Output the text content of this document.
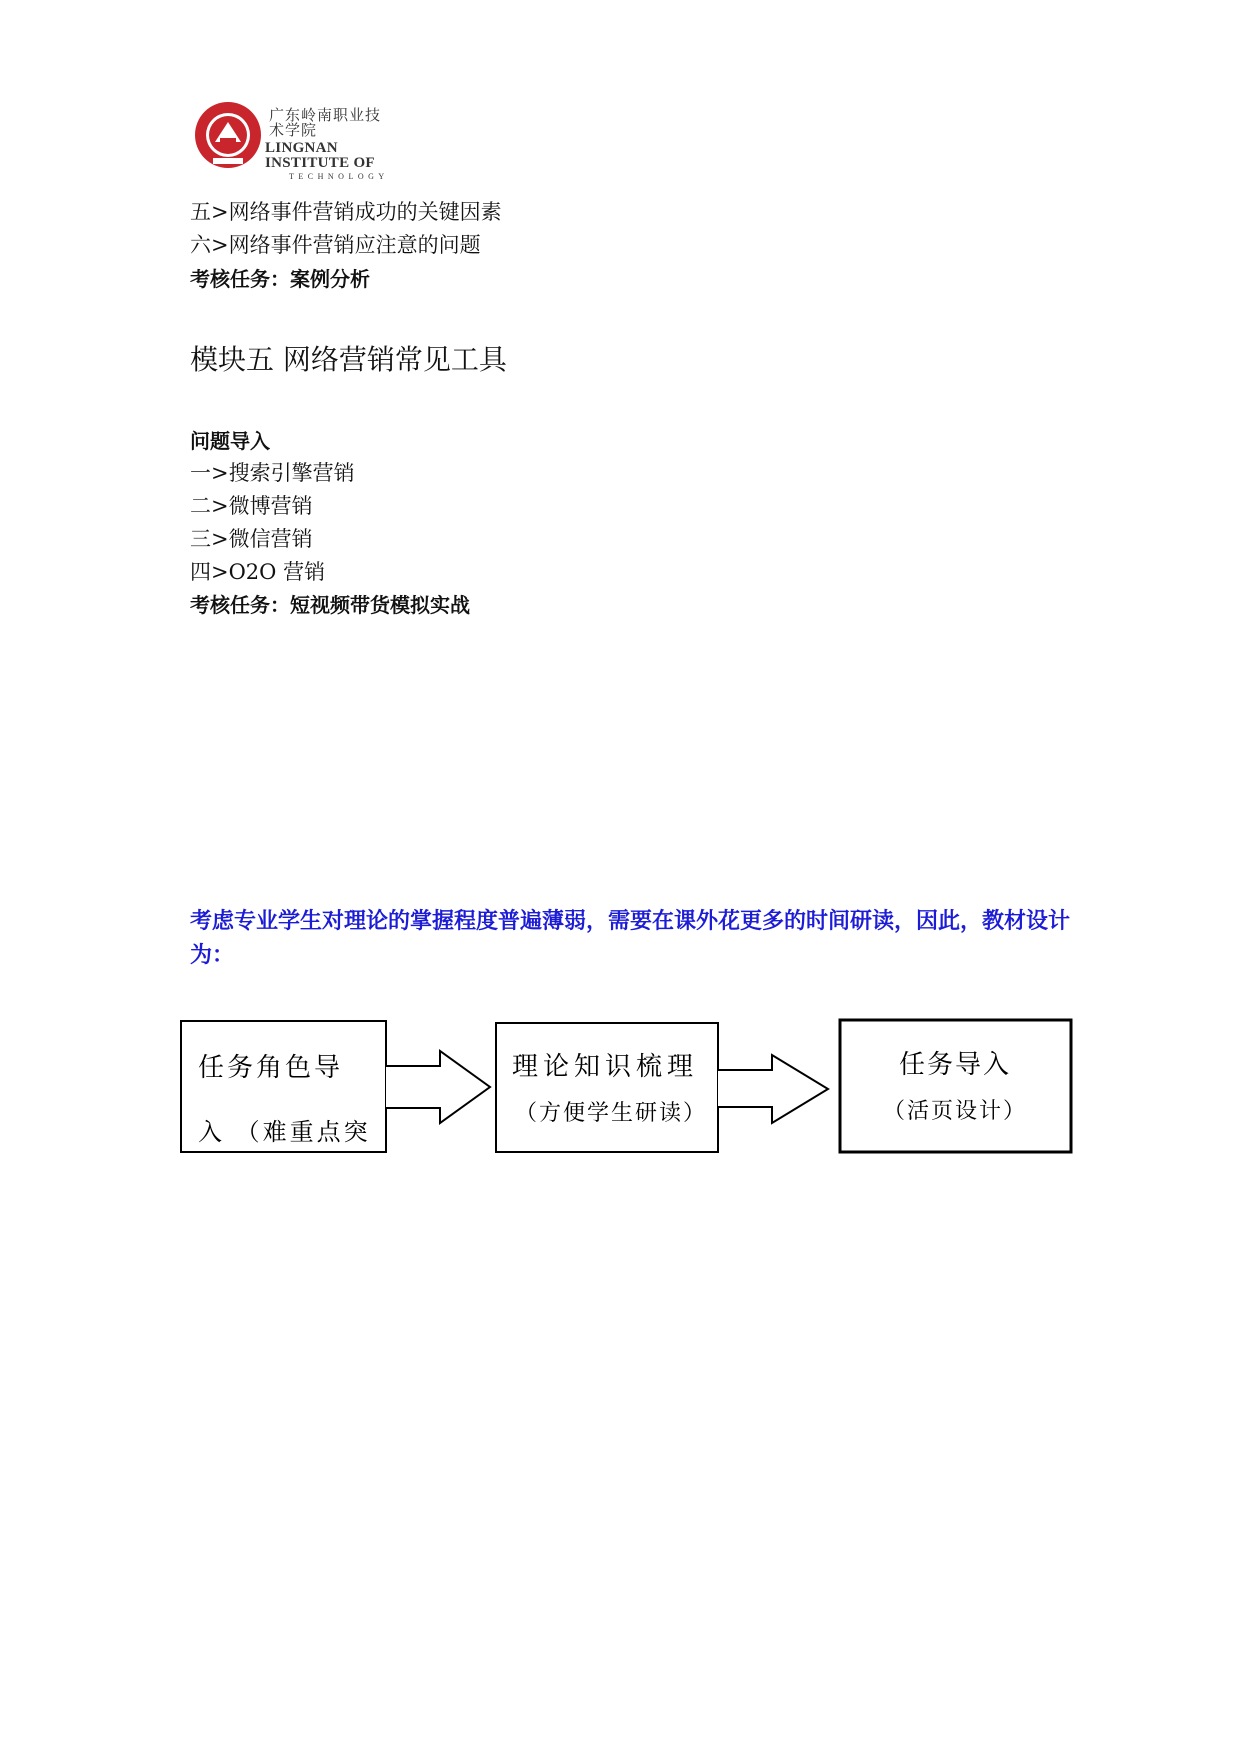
广东岭南职业技术学院
LINGNAN INSTITUTE OF
TECHNOLOGY
五>网络事件营销成功的关键因素
六>网络事件营销应注意的问题
考核任务：案例分析
模块五 网络营销常见工具
问题导入
一>搜索引擎营销
二>微博营销
三>微信营销
四>O2O 营销
考核任务：短视频带货模拟实战
考虑专业学生对理论的掌握程度普遍薄弱，需要在课外花更多的时间研读，因此，教材设计为：
任务角色导
入 （难重点突
理论知识梳理
（方便学生研读）
任务导入
（活页设计）
